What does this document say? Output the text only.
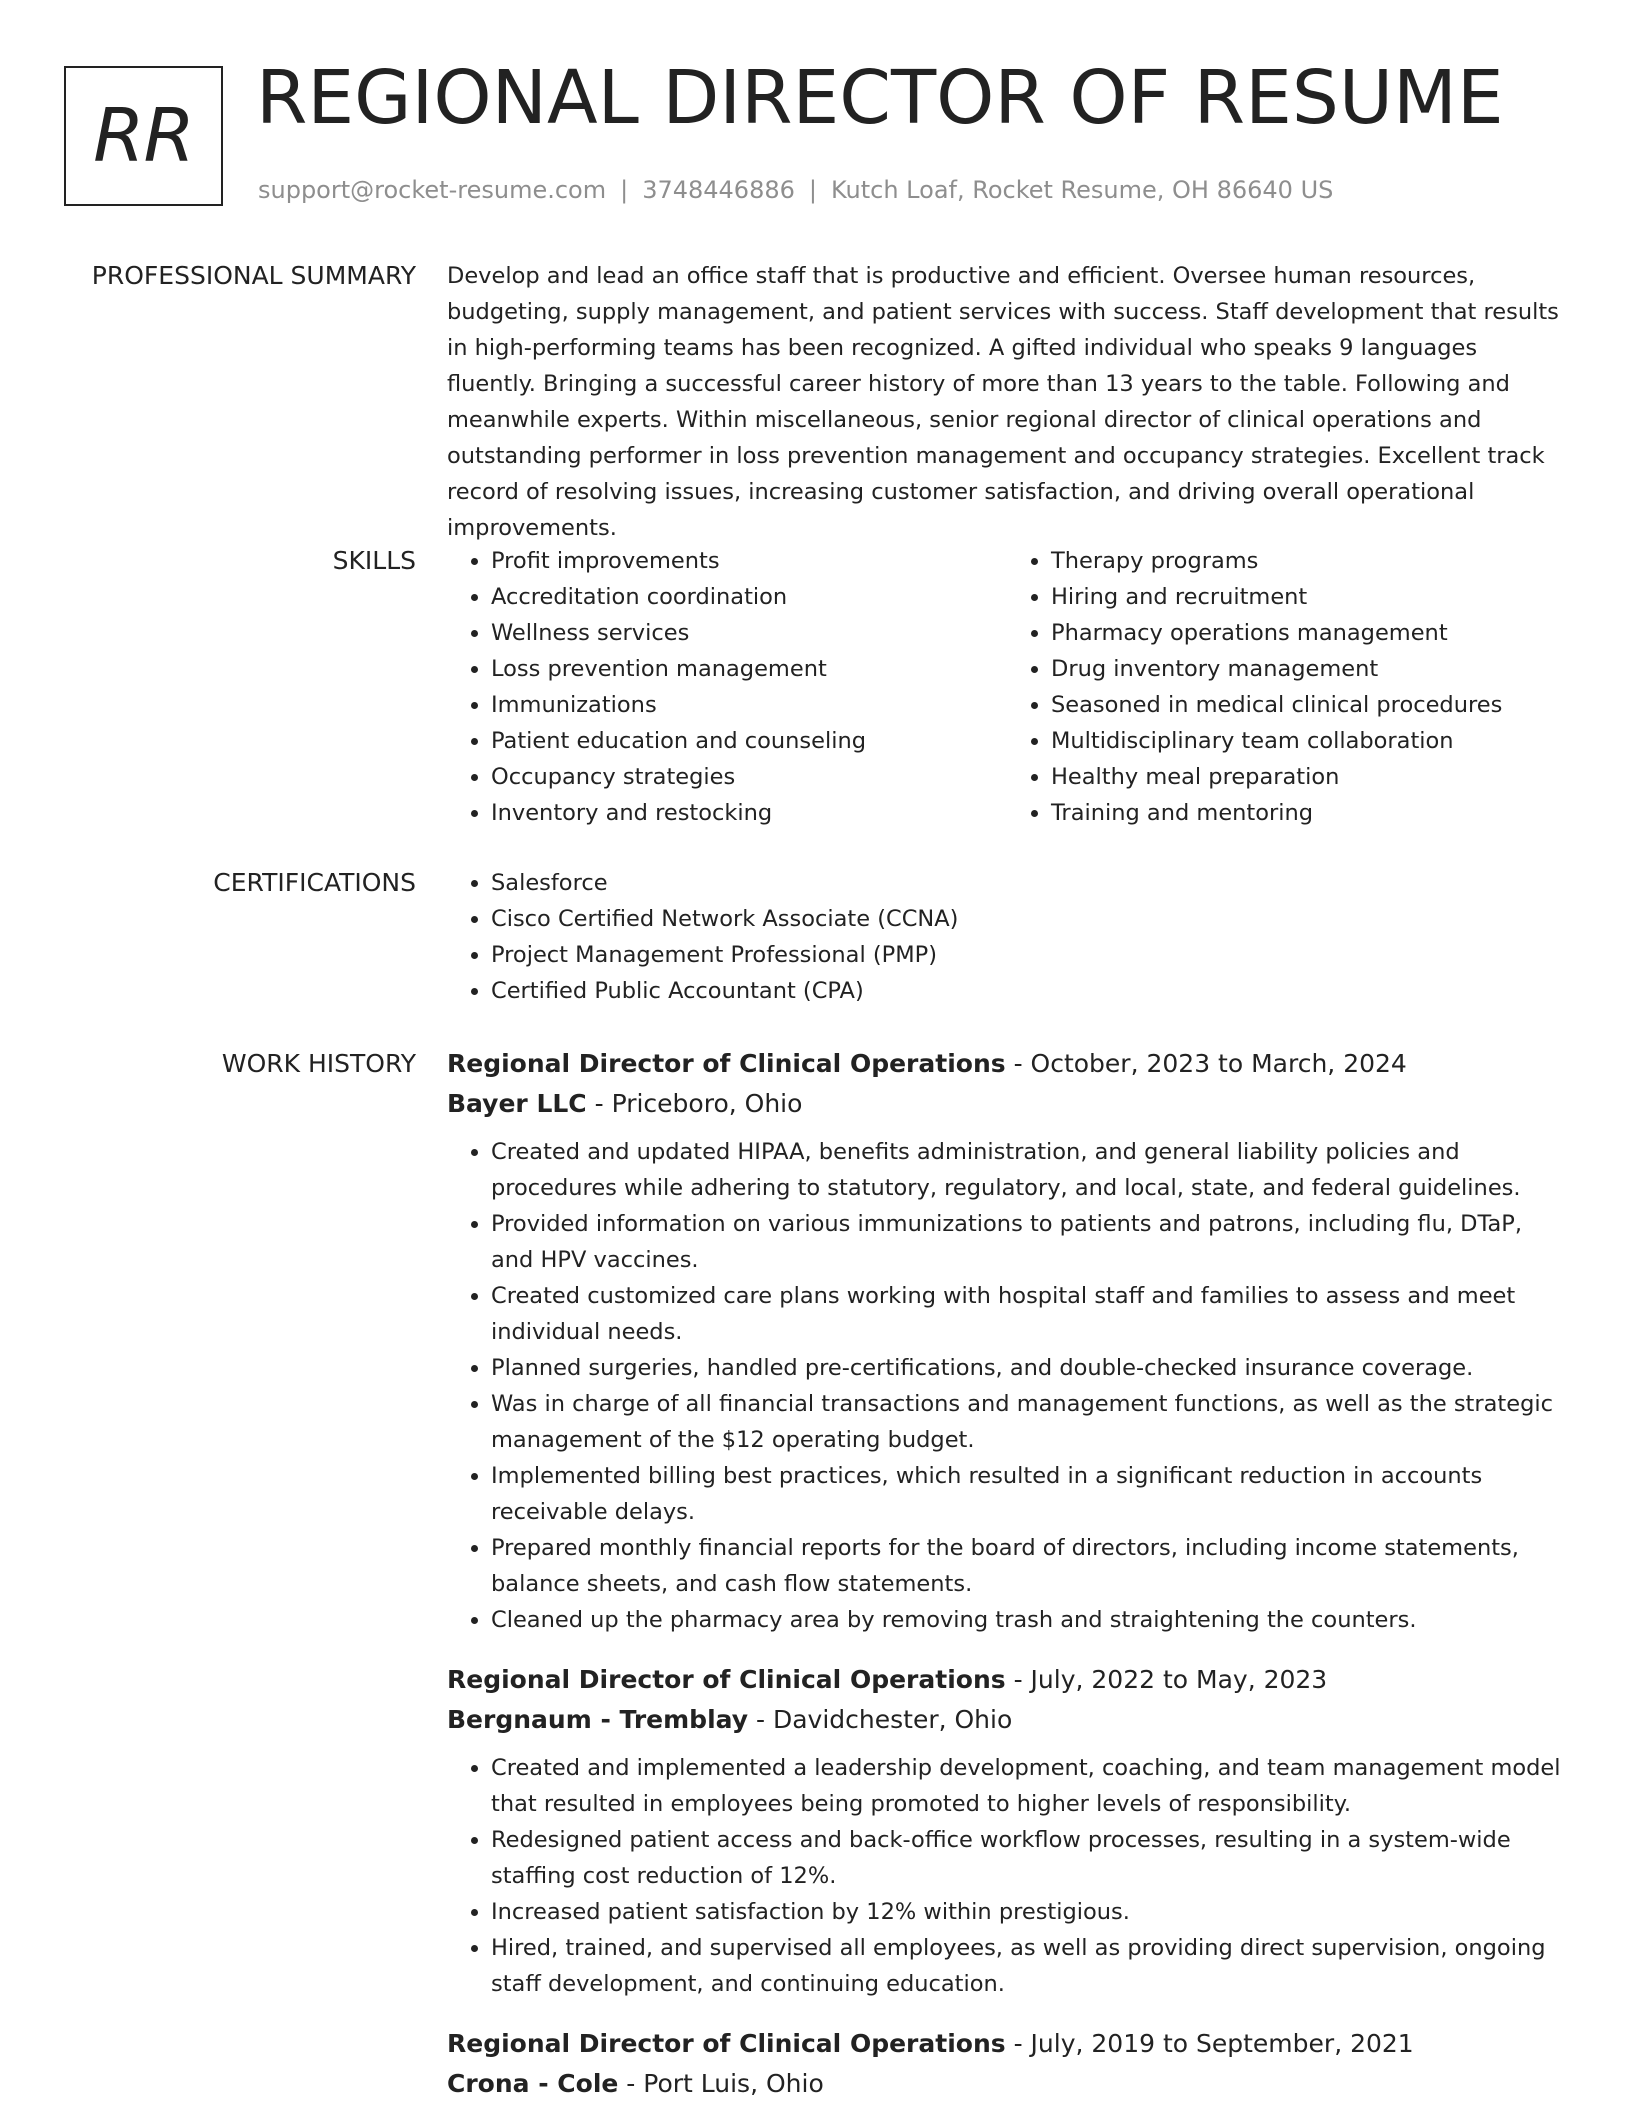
RR REGIONAL DIRECTOR OF RESUME
support@rocket-resume.com | 3748446886 | Kutch Loaf, Rocket Resume, OH 86640 US
PROFESSIONAL SUMMARY Develop and lead an office staff that is productive and efficient. Oversee human resources, budgeting, supply management, and patient services with success. Staff development that results in high-performing teams has been recognized. A gifted individual who speaks 9 languages fluently. Bringing a successful career history of more than 13 years to the table. Following and meanwhile experts. Within miscellaneous, senior regional director of clinical operations and outstanding performer in loss prevention management and occupancy strategies. Excellent track record of resolving issues, increasing customer satisfaction, and driving overall operational improvements.
SKILLS	• Profit improvements
• Accreditation coordination
• Wellness services
• Loss prevention management
• Immunizations
• Patient education and counseling
• Occupancy strategies
• Inventory and restocking
• Therapy programs
• Hiring and recruitment
• Pharmacy operations management
• Drug inventory management
• Seasoned in medical clinical procedures
• Multidisciplinary team collaboration
• Healthy meal preparation
• Training and mentoring
CERTIFICATIONS	• Salesforce
• Cisco Certified Network Associate (CCNA)
• Project Management Professional (PMP)
• Certified Public Accountant (CPA)
WORK HISTORY Regional Director of Clinical Operations - October, 2023 to March, 2024
Bayer LLC - Priceboro, Ohio
• Created and updated HIPAA, benefits administration, and general liability policies and procedures while adhering to statutory, regulatory, and local, state, and federal guidelines.
• Provided information on various immunizations to patients and patrons, including flu, DTaP, and HPV vaccines.
• Created customized care plans working with hospital staff and families to assess and meet individual needs.
• Planned surgeries, handled pre-certifications, and double-checked insurance coverage.
• Was in charge of all financial transactions and management functions, as well as the strategic management of the $12 operating budget.
• Implemented billing best practices, which resulted in a significant reduction in accounts receivable delays.
• Prepared monthly financial reports for the board of directors, including income statements, balance sheets, and cash flow statements.
• Cleaned up the pharmacy area by removing trash and straightening the counters.
Regional Director of Clinical Operations - July, 2022 to May, 2023
Bergnaum - Tremblay - Davidchester, Ohio
• Created and implemented a leadership development, coaching, and team management model that resulted in employees being promoted to higher levels of responsibility.
• Redesigned patient access and back-office workflow processes, resulting in a system-wide staffing cost reduction of 12%.
• Increased patient satisfaction by 12% within prestigious.
• Hired, trained, and supervised all employees, as well as providing direct supervision, ongoing staff development, and continuing education.
Regional Director of Clinical Operations - July, 2019 to September, 2021
Crona - Cole - Port Luis, Ohio
